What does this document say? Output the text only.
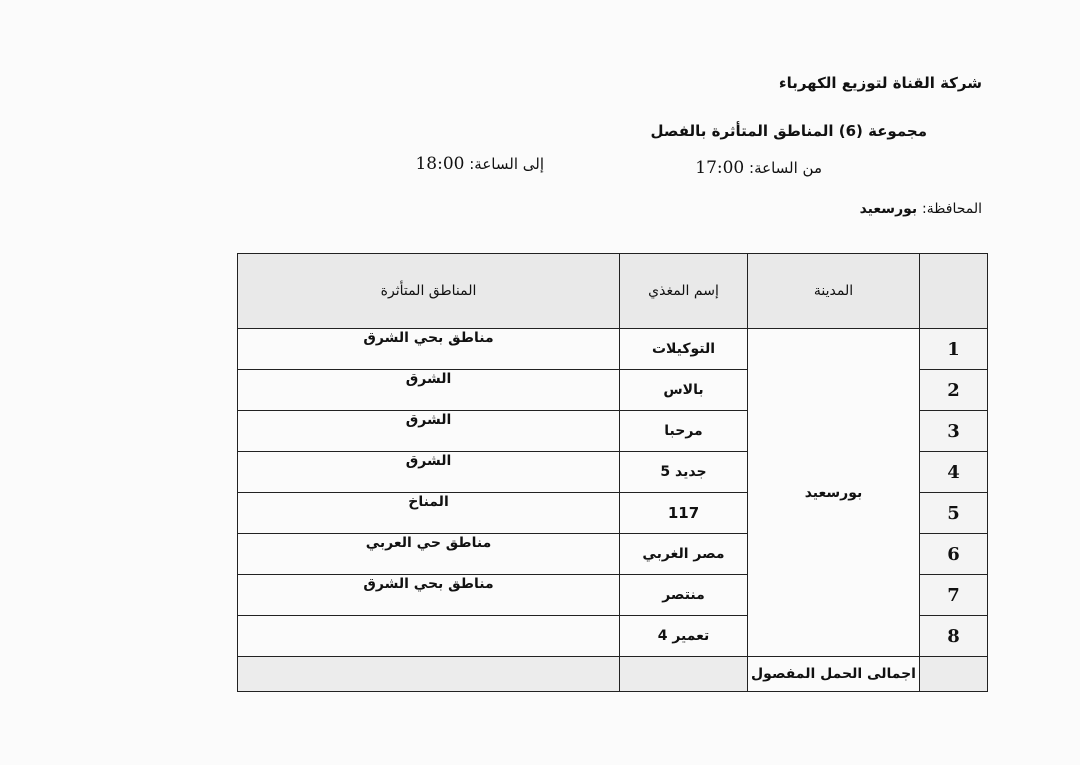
شركة القناة لتوزيع الكهرباء
مجموعة (6) المناطق المتأثرة بالفصل
من الساعة: 17:00
إلى الساعة: 18:00
المحافظة: بورسعيد
	المدينة	إسم المغذي	المناطق المتأثرة
1	بورسعيد	التوكيلات	مناطق بحي الشرق
2		بالاس	الشرق
3		مرحبا	الشرق
4		جديد 5	الشرق
5		117	المناخ
6		مصر الغربي	مناطق حي العربي
7		منتصر	مناطق بحي الشرق
8		تعمير 4	
	اجمالى الحمل المفصول		
